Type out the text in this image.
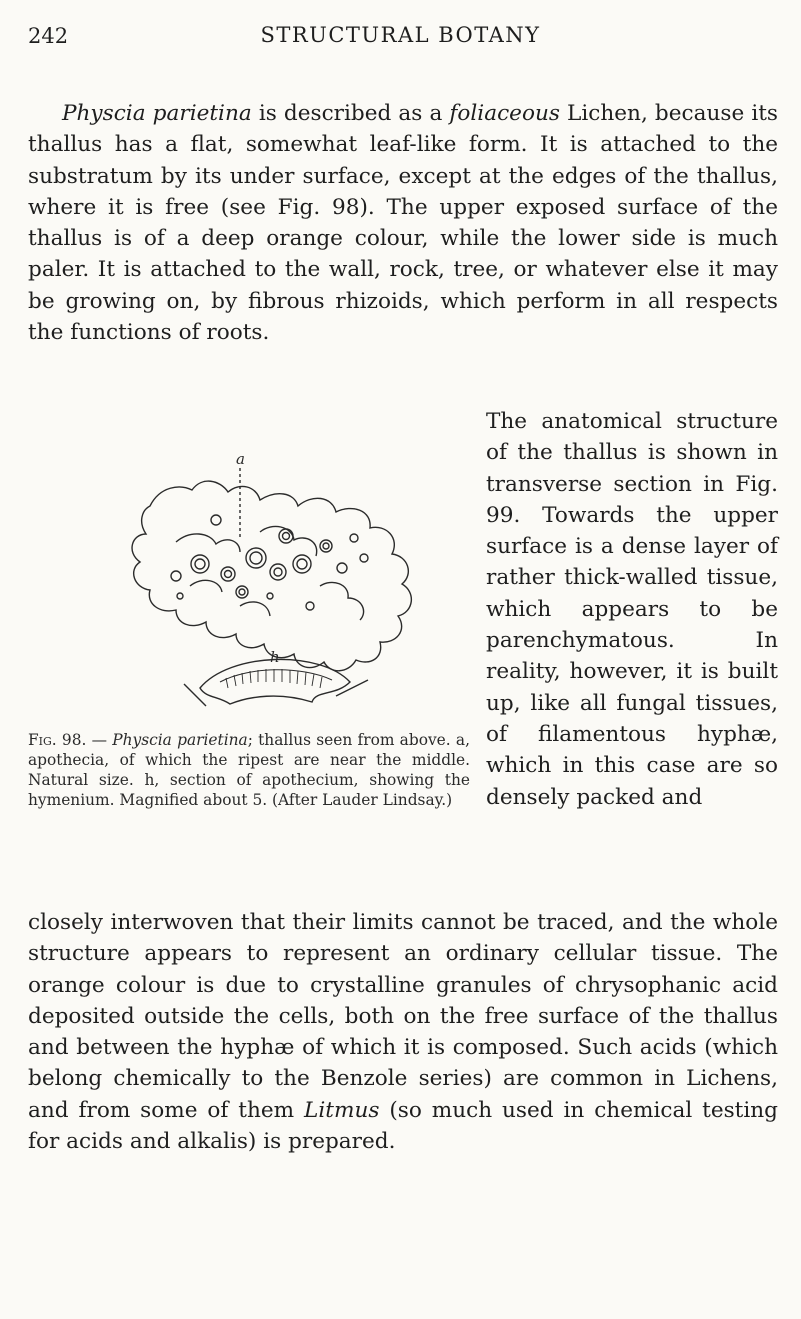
242	STRUCTURAL BOTANY

Physcia parietina is described as a foliaceous Lichen, because its thallus has a flat, somewhat leaf-like form. It is attached to the substratum by its under surface, except at the edges of the thallus, where it is free (see Fig. 98). The upper exposed surface of the thallus is of a deep orange colour, while the lower side is much paler. It is attached to the wall, rock, tree, or whatever else it may be growing on, by fibrous rhizoids, which perform in all respects the functions of roots.

a
h

Fig. 98. — Physcia parietina; thallus seen from above. a, apothecia, of which the ripest are near the middle. Natural size. h, section of apothecium, showing the hymenium. Magnified about 5. (After Lauder Lindsay.)

The anatomical structure of the thallus is shown in transverse section in Fig. 99. Towards the upper surface is a dense layer of rather thick-walled tissue, which appears to be parenchymatous. In reality, however, it is built up, like all fungal tissues, of filamentous hyphæ, which in this case are so densely packed and

closely interwoven that their limits cannot be traced, and the whole structure appears to represent an ordinary cellular tissue. The orange colour is due to crystalline granules of chrysophanic acid deposited outside the cells, both on the free surface of the thallus and between the hyphæ of which it is composed. Such acids (which belong chemically to the Benzole series) are common in Lichens, and from some of them Litmus (so much used in chemical testing for acids and alkalis) is prepared.
